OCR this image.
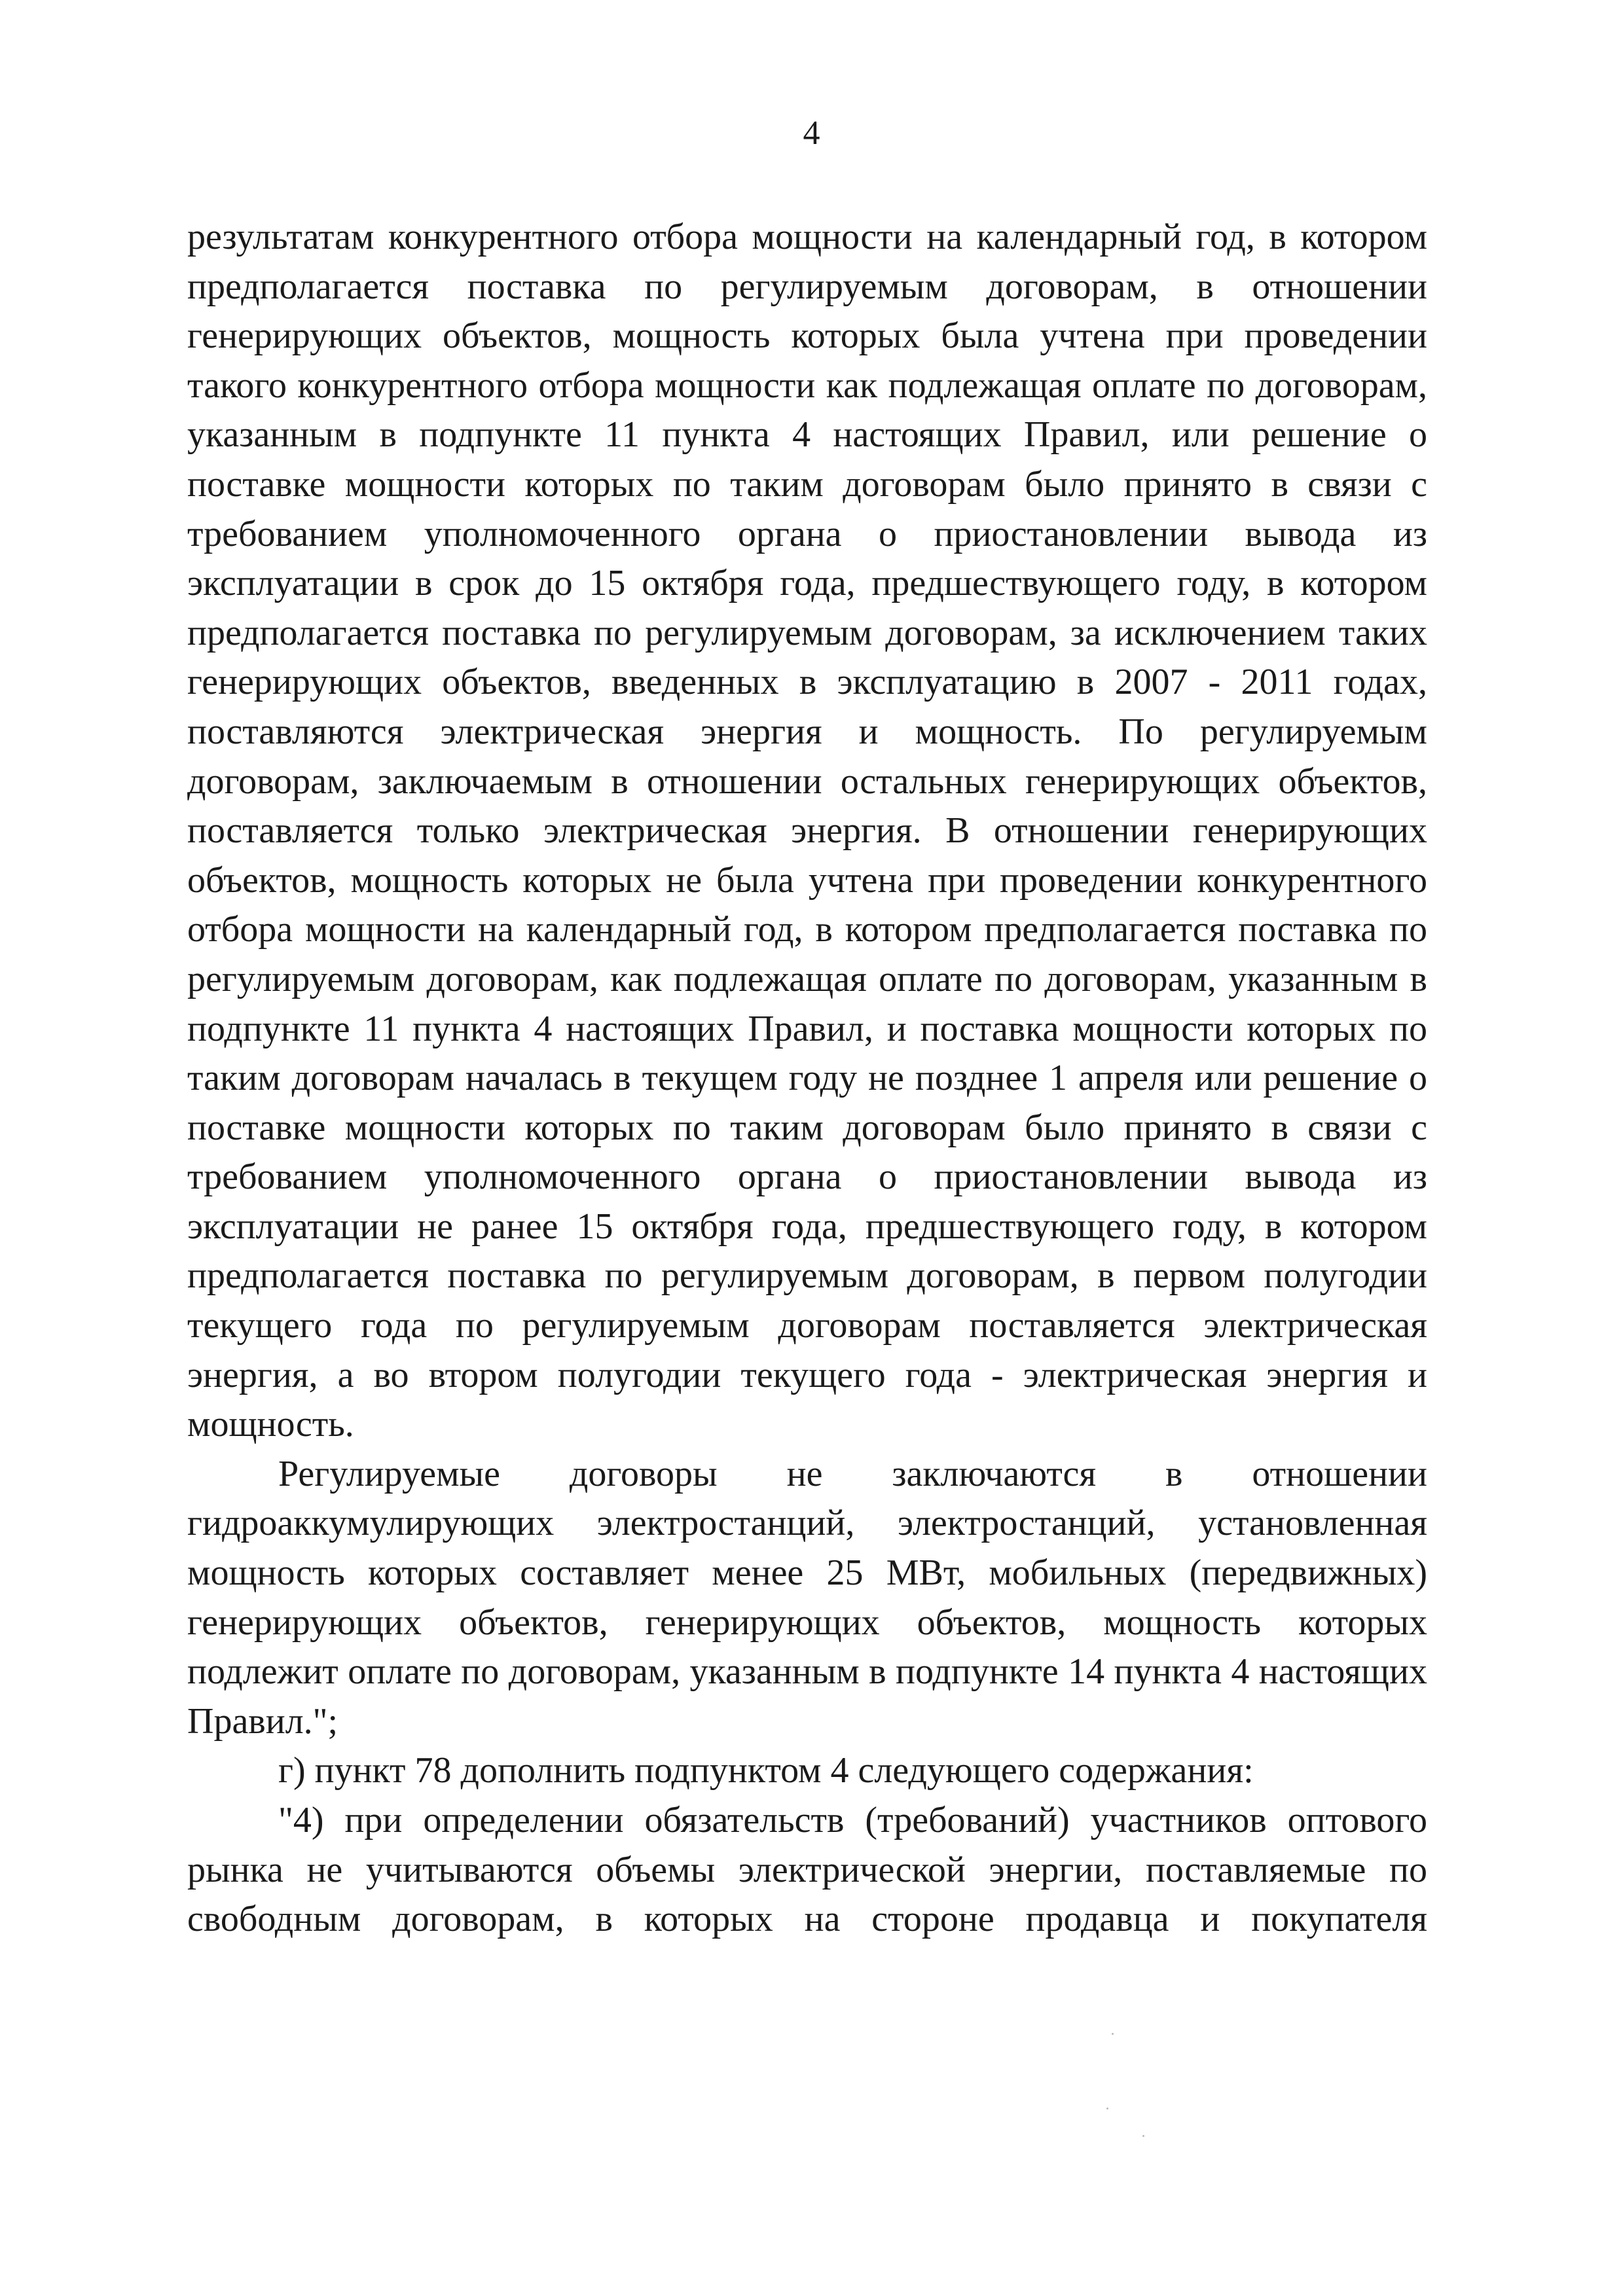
4

результатам конкурентного отбора мощности на календарный год, в котором предполагается поставка по регулируемым договорам, в отношении генерирующих объектов, мощность которых была учтена при проведении такого конкурентного отбора мощности как подлежащая оплате по договорам, указанным в подпункте 11 пункта 4 настоящих Правил, или решение о поставке мощности которых по таким договорам было принято в связи с требованием уполномоченного органа о приостановлении вывода из эксплуатации в срок до 15 октября года, предшествующего году, в котором предполагается поставка по регулируемым договорам, за исключением таких генерирующих объектов, введенных в эксплуатацию в 2007 - 2011 годах, поставляются электрическая энергия и мощность. По регулируемым договорам, заключаемым в отношении остальных генерирующих объектов, поставляется только электрическая энергия. В отношении генерирующих объектов, мощность которых не была учтена при проведении конкурентного отбора мощности на календарный год, в котором предполагается поставка по регулируемым договорам, как подлежащая оплате по договорам, указанным в подпункте 11 пункта 4 настоящих Правил, и поставка мощности которых по таким договорам началась в текущем году не позднее 1 апреля или решение о поставке мощности которых по таким договорам было принято в связи с требованием уполномоченного органа о приостановлении вывода из эксплуатации не ранее 15 октября года, предшествующего году, в котором предполагается поставка по регулируемым договорам, в первом полугодии текущего года по регулируемым договорам поставляется электрическая энергия, а во втором полугодии текущего года - электрическая энергия и мощность.

Регулируемые договоры не заключаются в отношении гидроаккумулирующих электростанций, электростанций, установленная мощность которых составляет менее 25 МВт, мобильных (передвижных) генерирующих объектов, генерирующих объектов, мощность которых подлежит оплате по договорам, указанным в подпункте 14 пункта 4 настоящих Правил.";

г) пункт 78 дополнить подпунктом 4 следующего содержания:

"4) при определении обязательств (требований) участников оптового рынка не учитываются объемы электрической энергии, поставляемые по свободным договорам, в которых на стороне продавца и покупателя
